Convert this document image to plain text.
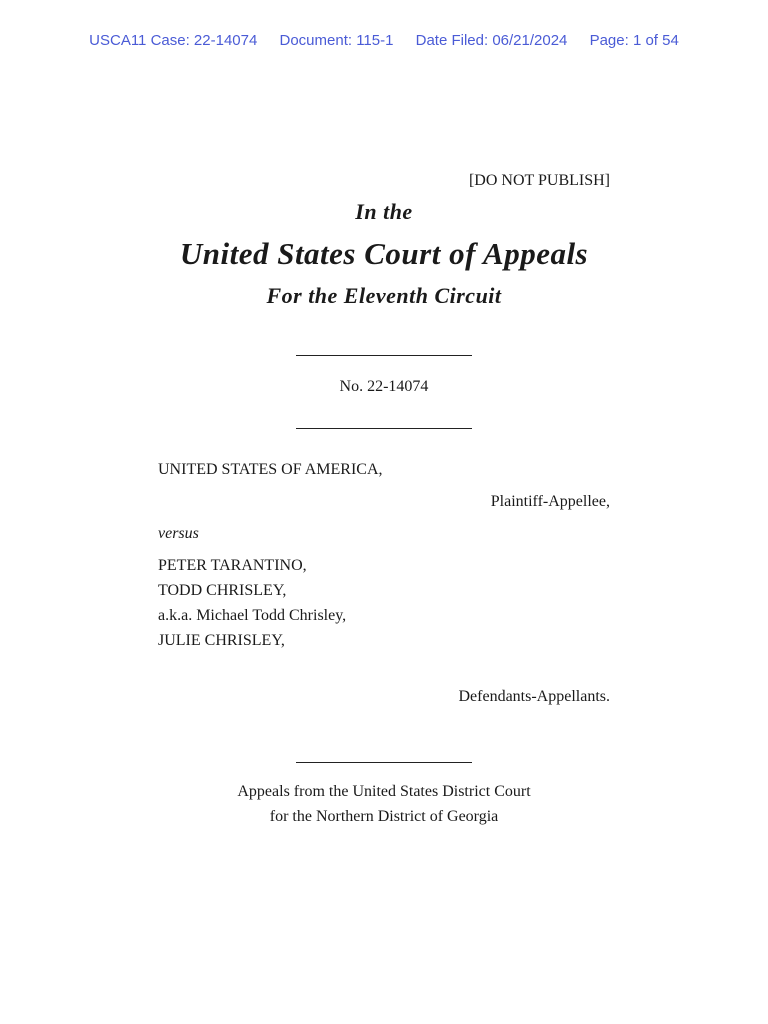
USCA11 Case: 22-14074 Document: 115-1 Date Filed: 06/21/2024 Page: 1 of 54
[DO NOT PUBLISH]
In the
United States Court of Appeals
For the Eleventh Circuit
No. 22-14074
UNITED STATES OF AMERICA,
Plaintiff-Appellee,
versus
PETER TARANTINO,
TODD CHRISLEY,
a.k.a. Michael Todd Chrisley,
JULIE CHRISLEY,
Defendants-Appellants.
Appeals from the United States District Court
for the Northern District of Georgia
